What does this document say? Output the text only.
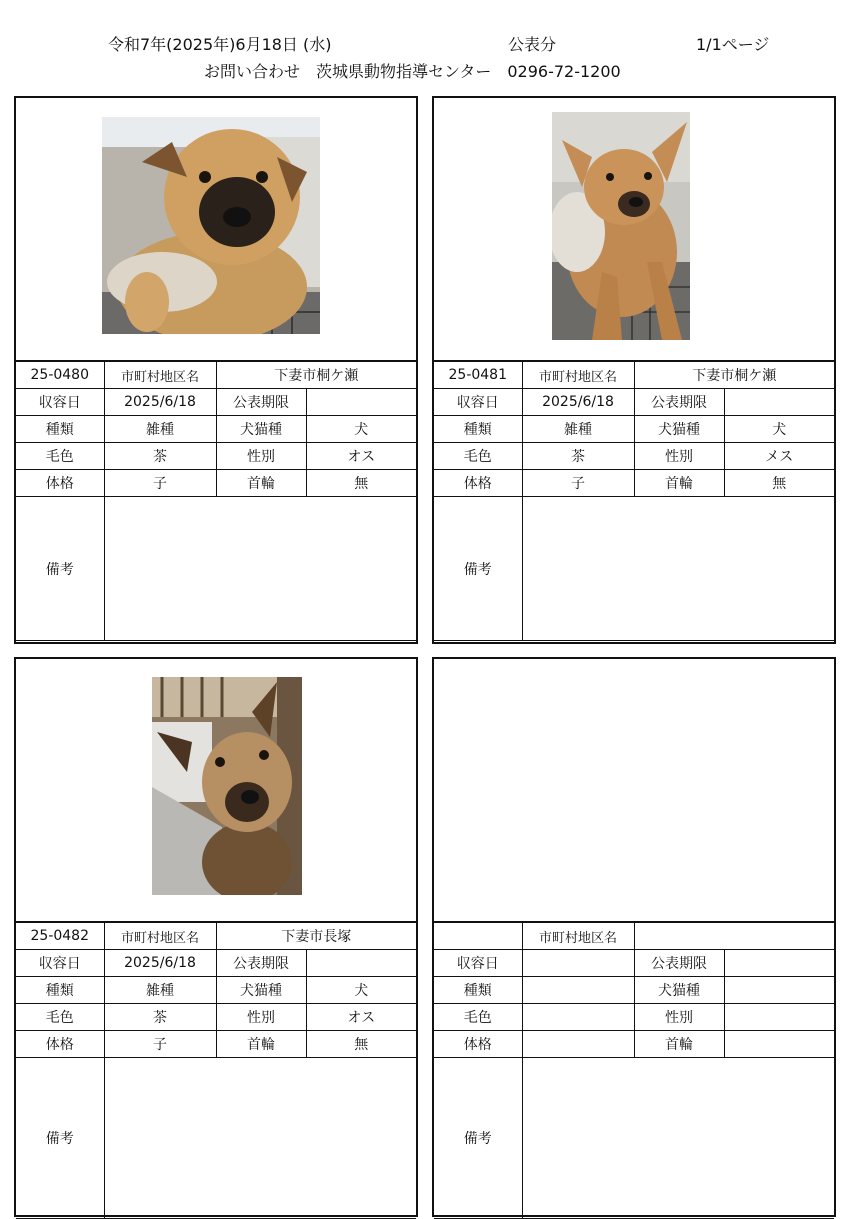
令和7年(2025年)6月18日 (水)	公表分	1/1ページ
お問い合わせ　茨城県動物指導センター　0296-72-1200
25-0480	市町村地区名	下妻市桐ケ瀬	
収容日	2025/6/18	公表期限	
種類	雑種	犬猫種	犬
毛色	茶	性別	オス
体格	子	首輪	無
備考			
25-0481	市町村地区名	下妻市桐ケ瀬	
収容日	2025/6/18	公表期限	
種類	雑種	犬猫種	犬
毛色	茶	性別	メス
体格	子	首輪	無
備考			
25-0482	市町村地区名	下妻市長塚	
収容日	2025/6/18	公表期限	
種類	雑種	犬猫種	犬
毛色	茶	性別	オス
体格	子	首輪	無
備考			
	市町村地区名		
収容日		公表期限	
種類		犬猫種	
毛色		性別	
体格		首輪	
備考			
